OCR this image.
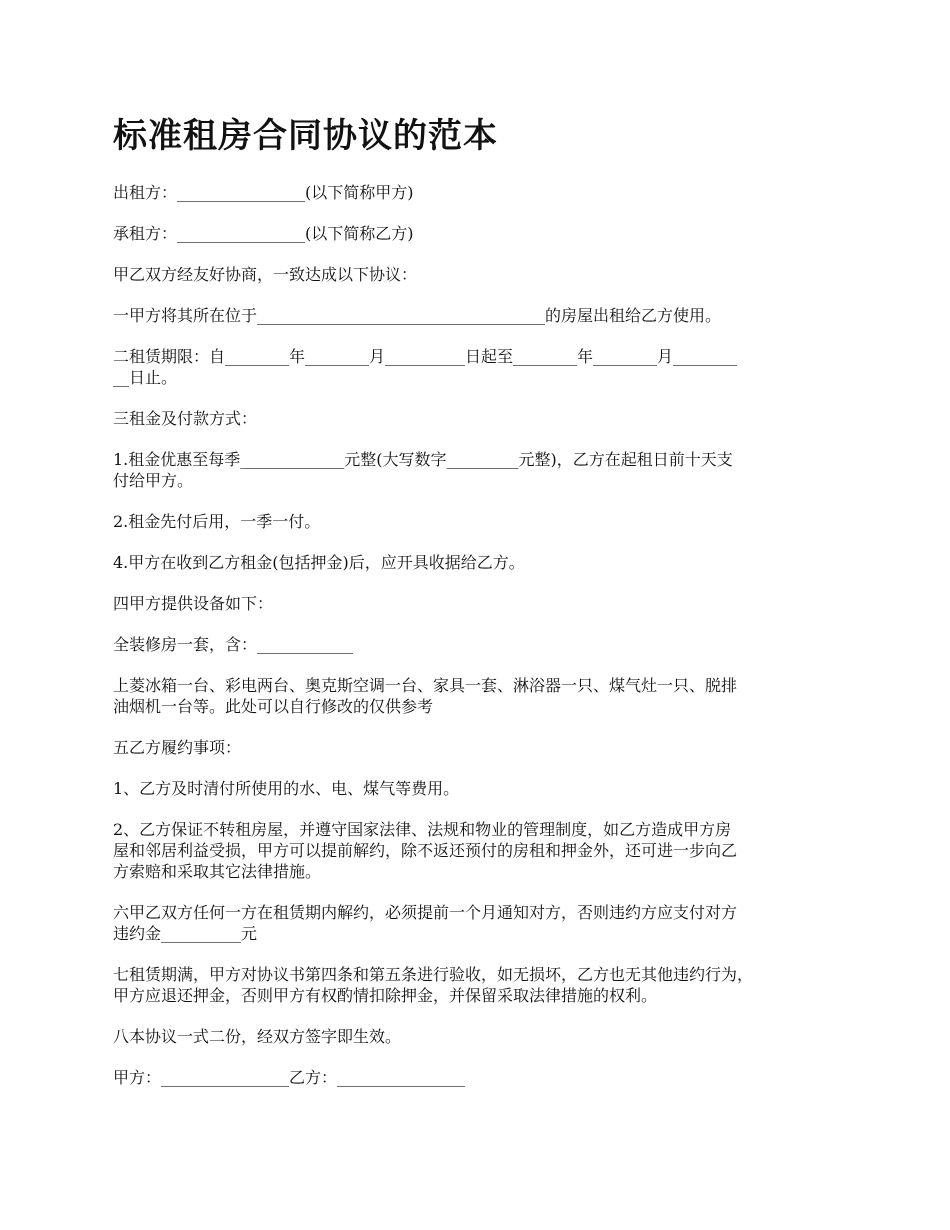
标准租房合同协议的范本

出租方：________________(以下简称甲方)

承租方：________________(以下简称乙方)

甲乙双方经友好协商，一致达成以下协议：

一甲方将其所在位于____________________________________的房屋出租给乙方使用。

二租赁期限：自________年________月__________日起至________年________月________
__日止。

三租金及付款方式：

1.租金优惠至每季_____________元整(大写数字_________元整)，乙方在起租日前十天支
付给甲方。

2.租金先付后用，一季一付。

4.甲方在收到乙方租金(包括押金)后，应开具收据给乙方。

四甲方提供设备如下：

全装修房一套，含：____________

上菱冰箱一台、彩电两台、奥克斯空调一台、家具一套、淋浴器一只、煤气灶一只、脱排
油烟机一台等。此处可以自行修改的仅供参考

五乙方履约事项：

1、乙方及时清付所使用的水、电、煤气等费用。

2、乙方保证不转租房屋，并遵守国家法律、法规和物业的管理制度，如乙方造成甲方房
屋和邻居利益受损，甲方可以提前解约，除不返还预付的房租和押金外，还可进一步向乙
方索赔和采取其它法律措施。

六甲乙双方任何一方在租赁期内解约，必须提前一个月通知对方，否则违约方应支付对方
违约金__________元

七租赁期满，甲方对协议书第四条和第五条进行验收，如无损坏，乙方也无其他违约行为，
甲方应退还押金，否则甲方有权酌情扣除押金，并保留采取法律措施的权利。

八本协议一式二份，经双方签字即生效。

甲方：________________乙方：________________
